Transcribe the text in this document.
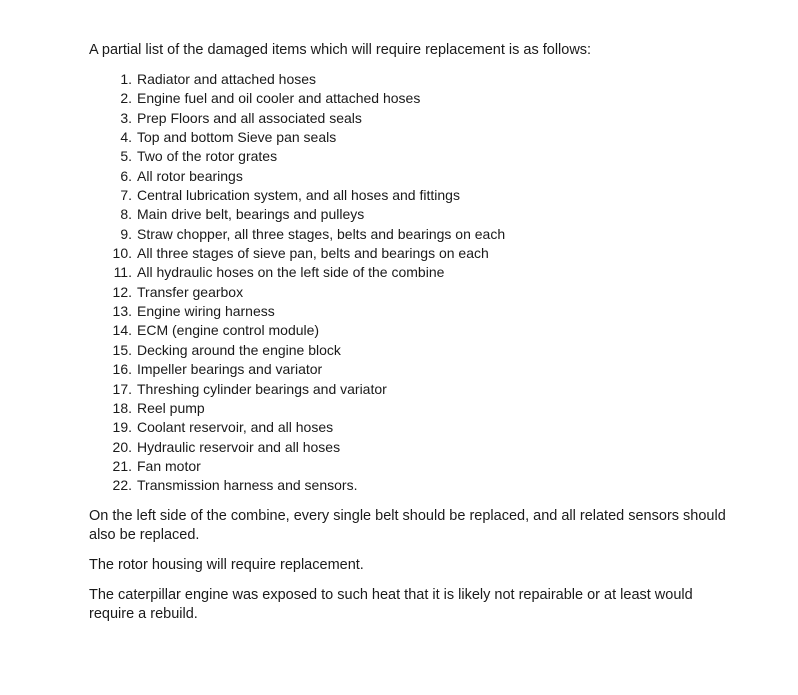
A partial list of the damaged items which will require replacement is as follows:

1. Radiator and attached hoses
2. Engine fuel and oil cooler and attached hoses
3. Prep Floors and all associated seals
4. Top and bottom Sieve pan seals
5. Two of the rotor grates
6. All rotor bearings
7. Central lubrication system, and all hoses and fittings
8. Main drive belt, bearings and pulleys
9. Straw chopper, all three stages, belts and bearings on each
10. All three stages of sieve pan, belts and bearings on each
11. All hydraulic hoses on the left side of the combine
12. Transfer gearbox
13. Engine wiring harness
14. ECM (engine control module)
15. Decking around the engine block
16. Impeller bearings and variator
17. Threshing cylinder bearings and variator
18. Reel pump
19. Coolant reservoir, and all hoses
20. Hydraulic reservoir and all hoses
21. Fan motor
22. Transmission harness and sensors.

On the left side of the combine, every single belt should be replaced, and all related sensors should also be replaced.

The rotor housing will require replacement.

The caterpillar engine was exposed to such heat that it is likely not repairable or at least would require a rebuild.
